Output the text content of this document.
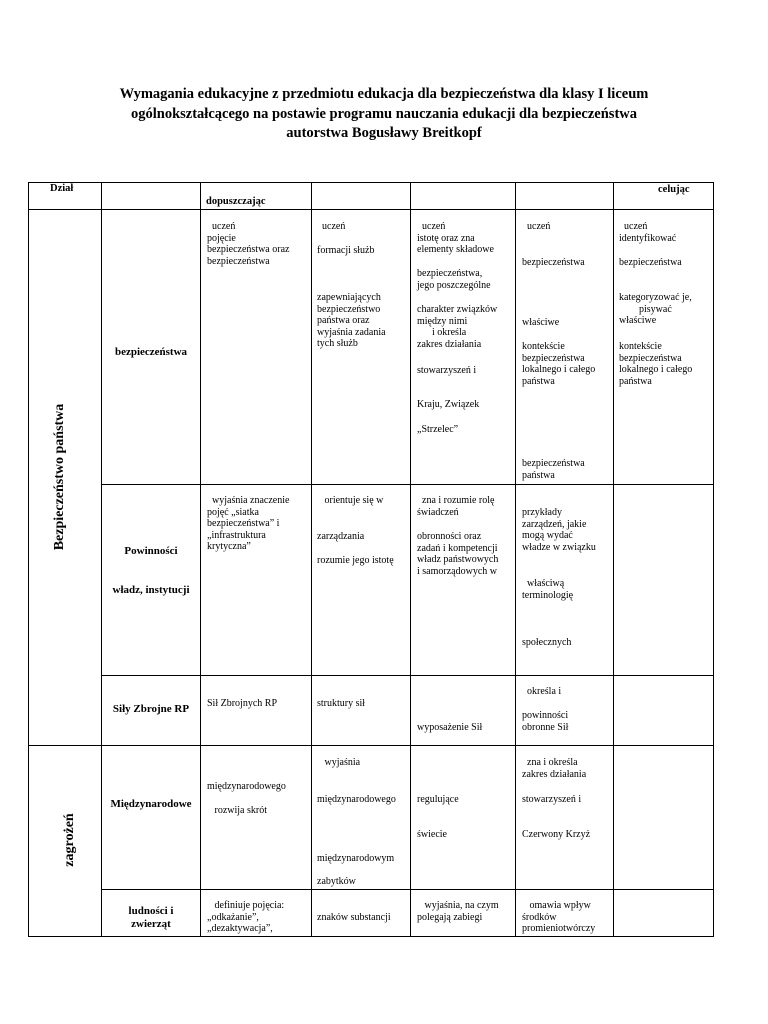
Wymagania edukacyjne z przedmiotu edukacja dla bezpieczeństwa dla klasy I liceum
ogólnokształcącego na postawie programu nauczania edukacji dla bezpieczeństwa
autorstwa Bogusławy Breitkopf
Dział
dopuszczając
celując
Bezpieczeństwo państwa
zagrożeń
bezpieczeństwa
uczeń
pojęcie
bezpieczeństwa oraz
bezpieczeństwa
uczeń
formacji służb
zapewniających
bezpieczeństwo
państwa oraz
wyjaśnia zadania
tych służb
uczeń
istotę oraz zna
elementy składowe
bezpieczeństwa,
jego poszczególne
charakter związków
między nimi
i określa
zakres działania
stowarzyszeń i
Kraju, Związek
„Strzelec”
uczeń
bezpieczeństwa
właściwe
kontekście
bezpieczeństwa
lokalnego i całego
państwa
bezpieczeństwa
państwa
uczeń
identyfikować
bezpieczeństwa
kategoryzować je,
pisywać
właściwe
kontekście
bezpieczeństwa
lokalnego i całego
państwa
Powinności
władz, instytucji
wyjaśnia znaczenie
pojęć „siatka
bezpieczeństwa” i
„infrastruktura
krytyczna”
orientuje się w
zarządzania
rozumie jego istotę
zna i rozumie rolę
świadczeń
obronności oraz
zadań i kompetencji
władz państwowych
i samorządowych w
przykłady
zarządzeń, jakie
mogą wydać
władze w związku
właściwą
terminologię
społecznych
Siły Zbrojne RP	Sił Zbrojnych RP	struktury sił
wyposażenie Sił
określa i
powinności
obronne Sił
Międzynarodowe
międzynarodowego
rozwija skrót
wyjaśnia
międzynarodowego
międzynarodowym
zabytków
regulujące
świecie
zna i określa
zakres działania
stowarzyszeń i
Czerwony Krzyż
ludności i
zwierząt
definiuje pojęcia:
„odkażanie”,
„dezaktywacja”,
znaków substancji
wyjaśnia, na czym
polegają zabiegi
omawia wpływ
środków
promieniotwórczy
